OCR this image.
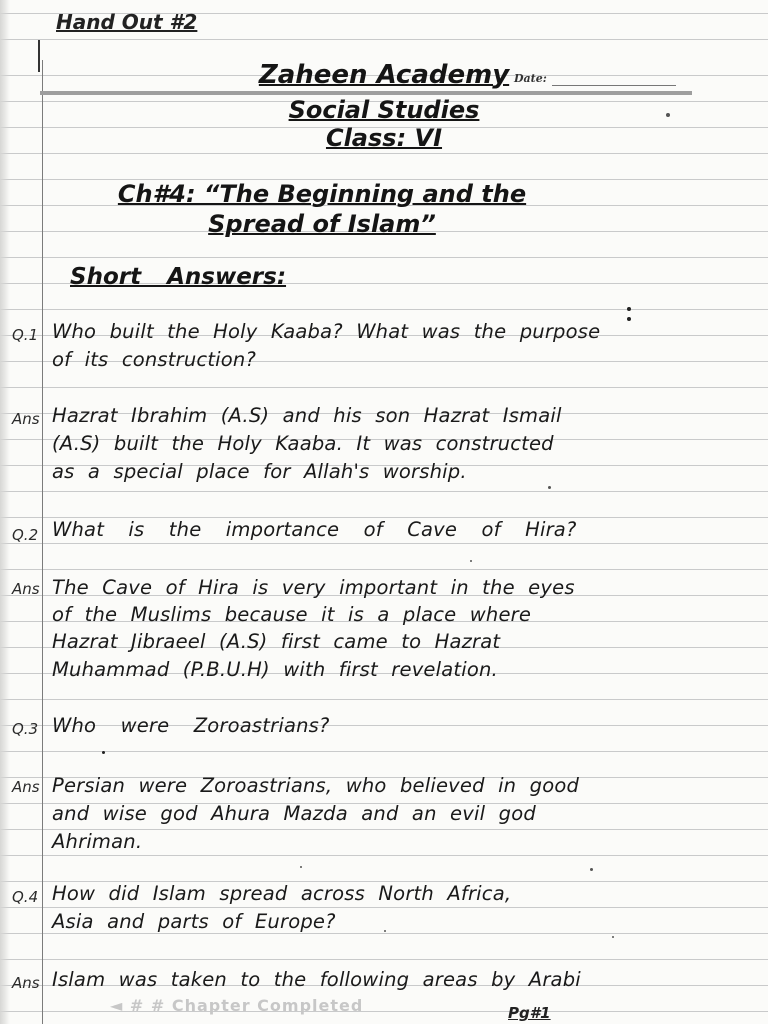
Hand Out #2
Date:
Zaheen Academy
Social Studies
Class: VI
Ch#4: “The Beginning and the
Spread of Islam”
Short Answers:
Q.1 Who built the Holy Kaaba? What was the purpose
of its construction?
Ans Hazrat Ibrahim (A.S) and his son Hazrat Ismail
(A.S) built the Holy Kaaba. It was constructed
as a special place for Allah's worship.
Q.2 What is the importance of Cave of Hira?
Ans The Cave of Hira is very important in the eyes
of the Muslims because it is a place where
Hazrat Jibraeel (A.S) first came to Hazrat
Muhammad (P.B.U.H) with first revelation.
Q.3 Who were Zoroastrians?
Ans Persian were Zoroastrians, who believed in good
and wise god Ahura Mazda and an evil god
Ahriman.
Q.4 How did Islam spread across North Africa,
Asia and parts of Europe?
Ans Islam was taken to the following areas by Arabi
◄ # # Chapter Completed	Pg#1
